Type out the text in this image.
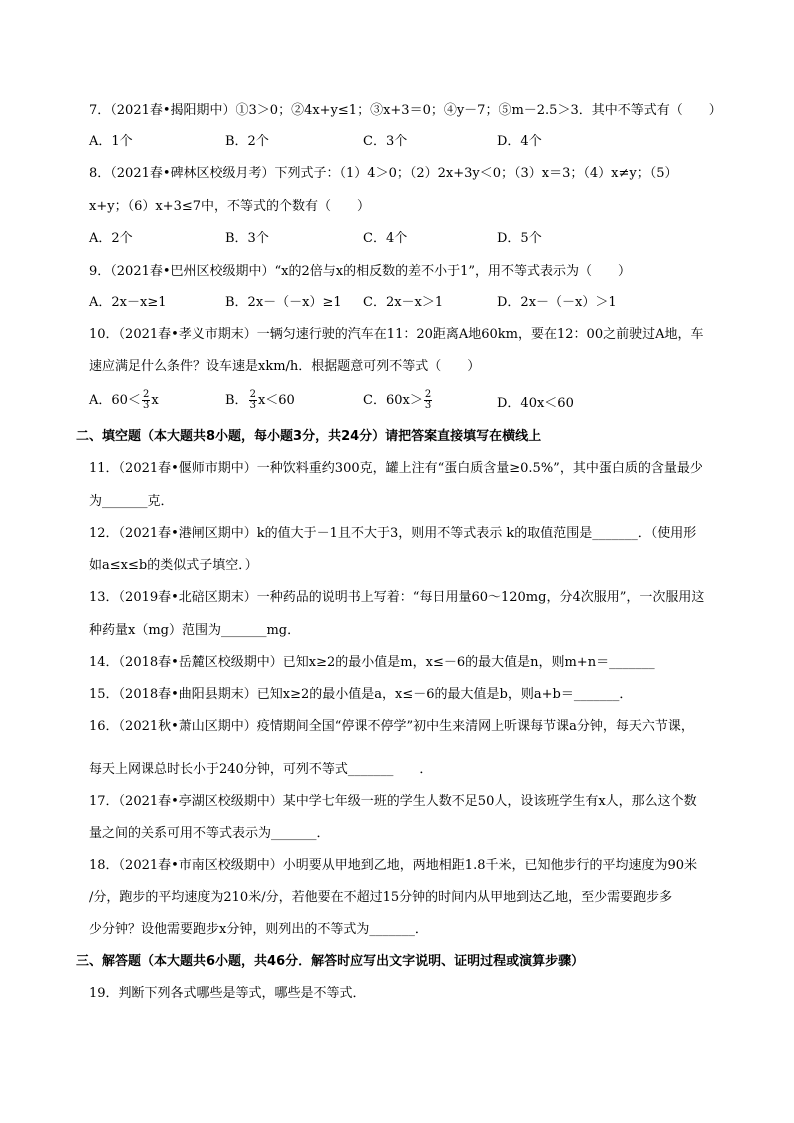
7．（2021春•揭阳期中）①3＞0；②4x+y≤1；③x+3＝0；④y－7；⑤m－2.5＞3．其中不等式有（　　）
A．1个	B．2个	C．3个	D．4个
8．（2021春•碑林区校级月考）下列式子：（1）4＞0；（2）2x+3y＜0；（3）x＝3；（4）x≠y；（5）
x+y；（6）x+3≤7中，不等式的个数有（　　）
A．2个	B．3个	C．4个	D．5个
9．（2021春•巴州区校级期中）“x的2倍与x的相反数的差不小于1”，用不等式表示为（　　）
A．2x－x≥1	B．2x－（－x）≥1 C．2x－x＞1	D．2x－（－x）＞1
10．（2021春•孝义市期末）一辆匀速行驶的汽车在11：20距离A地60km，要在12：00之前驶过A地，车
速应满足什么条件？设车速是xkm/h．根据题意可列不等式（　　）
A．$60< \frac{2}{3}$ x	B． $\frac{2}{3} x<60$	C．$60x> \frac{2}{3}$	D．40x＜60
二、填空题（本大题共8小题，每小题3分，共24分）请把答案直接填写在横线上
11．（2021春•偃师市期中）一种饮料重约300克，罐上注有“蛋白质含量≥0.5%”，其中蛋白质的含量最少
为_______克．
12．（2021春•港闸区期中）k的值大于－1且不大于3，则用不等式表示 k的取值范围是_______．（使用形
如a≤x≤b的类似式子填空．）
13．（2019春•北碚区期末）一种药品的说明书上写着：“每日用量60～120mg，分4次服用”，一次服用这
种药量x（mg）范围为_______mg．
14．（2018春•岳麓区校级期中）已知x≥2的最小值是m，x≤－6的最大值是n，则m+n＝_______
15．（2018春•曲阳县期末）已知x≥2的最小值是a，x≤－6的最大值是b，则a+b＝_______．
16．（2021秋•萧山区期中）疫情期间全国“停课不停学”初中生来清网上听课每节课a分钟，每天六节课，
每天上网课总时长小于240分钟，可列不等式_______　　．
17．（2021春•亭湖区校级期中）某中学七年级一班的学生人数不足50人，设该班学生有x人，那么这个数
量之间的关系可用不等式表示为_______．
18．（2021春•市南区校级期中）小明要从甲地到乙地，两地相距1.8千米，已知他步行的平均速度为90米
/分，跑步的平均速度为210米/分，若他要在不超过15分钟的时间内从甲地到达乙地，至少需要跑步多
少分钟？设他需要跑步x分钟，则列出的不等式为_______．
三、解答题（本大题共6小题，共46分．解答时应写出文字说明、证明过程或演算步骤）
19．判断下列各式哪些是等式，哪些是不等式．
